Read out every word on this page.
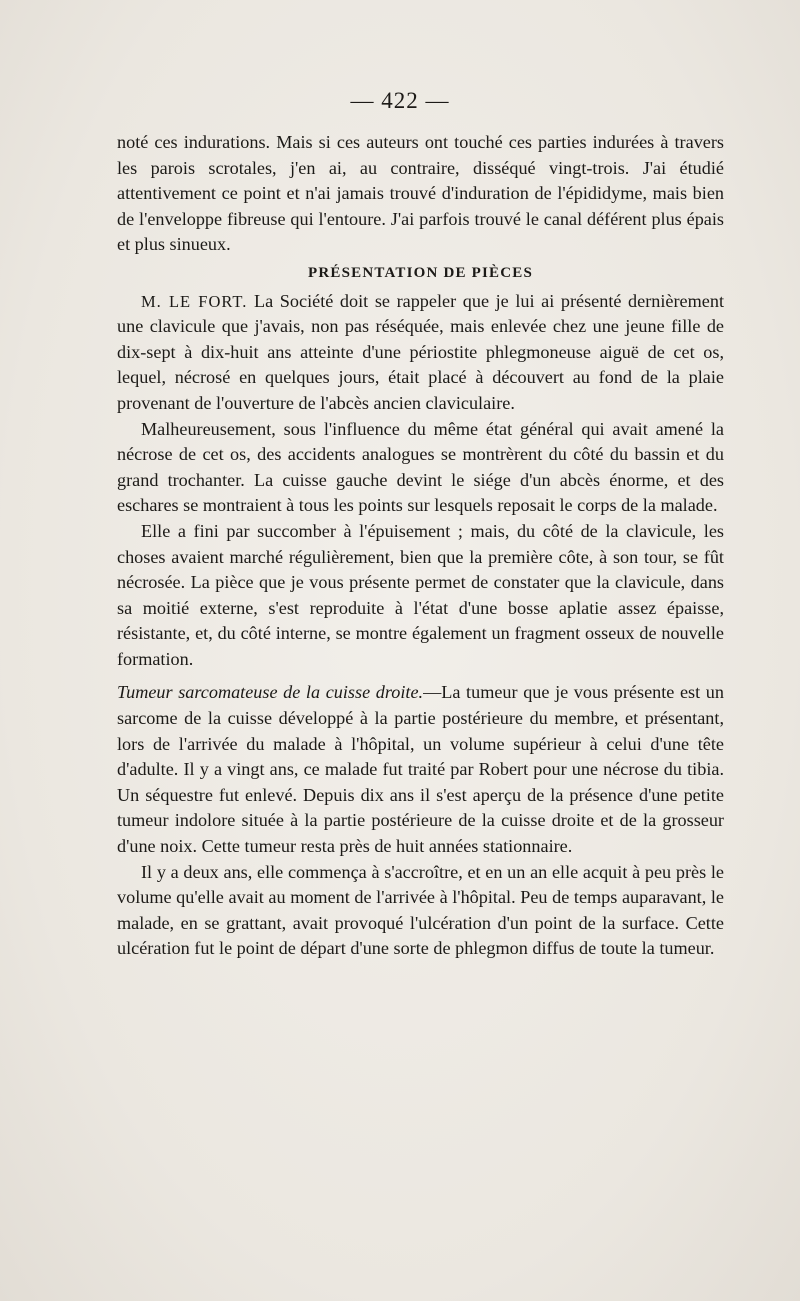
— 422 —

noté ces indurations. Mais si ces auteurs ont touché ces parties indurées à travers les parois scrotales, j'en ai, au contraire, disséqué vingt-trois. J'ai étudié attentivement ce point et n'ai jamais trouvé d'induration de l'épididyme, mais bien de l'enveloppe fibreuse qui l'entoure. J'ai parfois trouvé le canal déférent plus épais et plus sinueux.

PRÉSENTATION DE PIÈCES

M. LE FORT. La Société doit se rappeler que je lui ai présenté dernièrement une clavicule que j'avais, non pas réséquée, mais enlevée chez une jeune fille de dix-sept à dix-huit ans atteinte d'une périostite phlegmoneuse aiguë de cet os, lequel, nécrosé en quelques jours, était placé à découvert au fond de la plaie provenant de l'ouverture de l'abcès ancien claviculaire.

Malheureusement, sous l'influence du même état général qui avait amené la nécrose de cet os, des accidents analogues se montrèrent du côté du bassin et du grand trochanter. La cuisse gauche devint le siége d'un abcès énorme, et des eschares se montraient à tous les points sur lesquels reposait le corps de la malade.

Elle a fini par succomber à l'épuisement ; mais, du côté de la clavicule, les choses avaient marché régulièrement, bien que la première côte, à son tour, se fût nécrosée. La pièce que je vous présente permet de constater que la clavicule, dans sa moitié externe, s'est reproduite à l'état d'une bosse aplatie assez épaisse, résistante, et, du côté interne, se montre également un fragment osseux de nouvelle formation.

Tumeur sarcomateuse de la cuisse droite.—La tumeur que je vous présente est un sarcome de la cuisse développé à la partie postérieure du membre, et présentant, lors de l'arrivée du malade à l'hôpital, un volume supérieur à celui d'une tête d'adulte. Il y a vingt ans, ce malade fut traité par Robert pour une nécrose du tibia. Un séquestre fut enlevé. Depuis dix ans il s'est aperçu de la présence d'une petite tumeur indolore située à la partie postérieure de la cuisse droite et de la grosseur d'une noix. Cette tumeur resta près de huit années stationnaire.

Il y a deux ans, elle commença à s'accroître, et en un an elle acquit à peu près le volume qu'elle avait au moment de l'arrivée à l'hôpital. Peu de temps auparavant, le malade, en se grattant, avait provoqué l'ulcération d'un point de la surface. Cette ulcération fut le point de départ d'une sorte de phlegmon diffus de toute la tumeur.
